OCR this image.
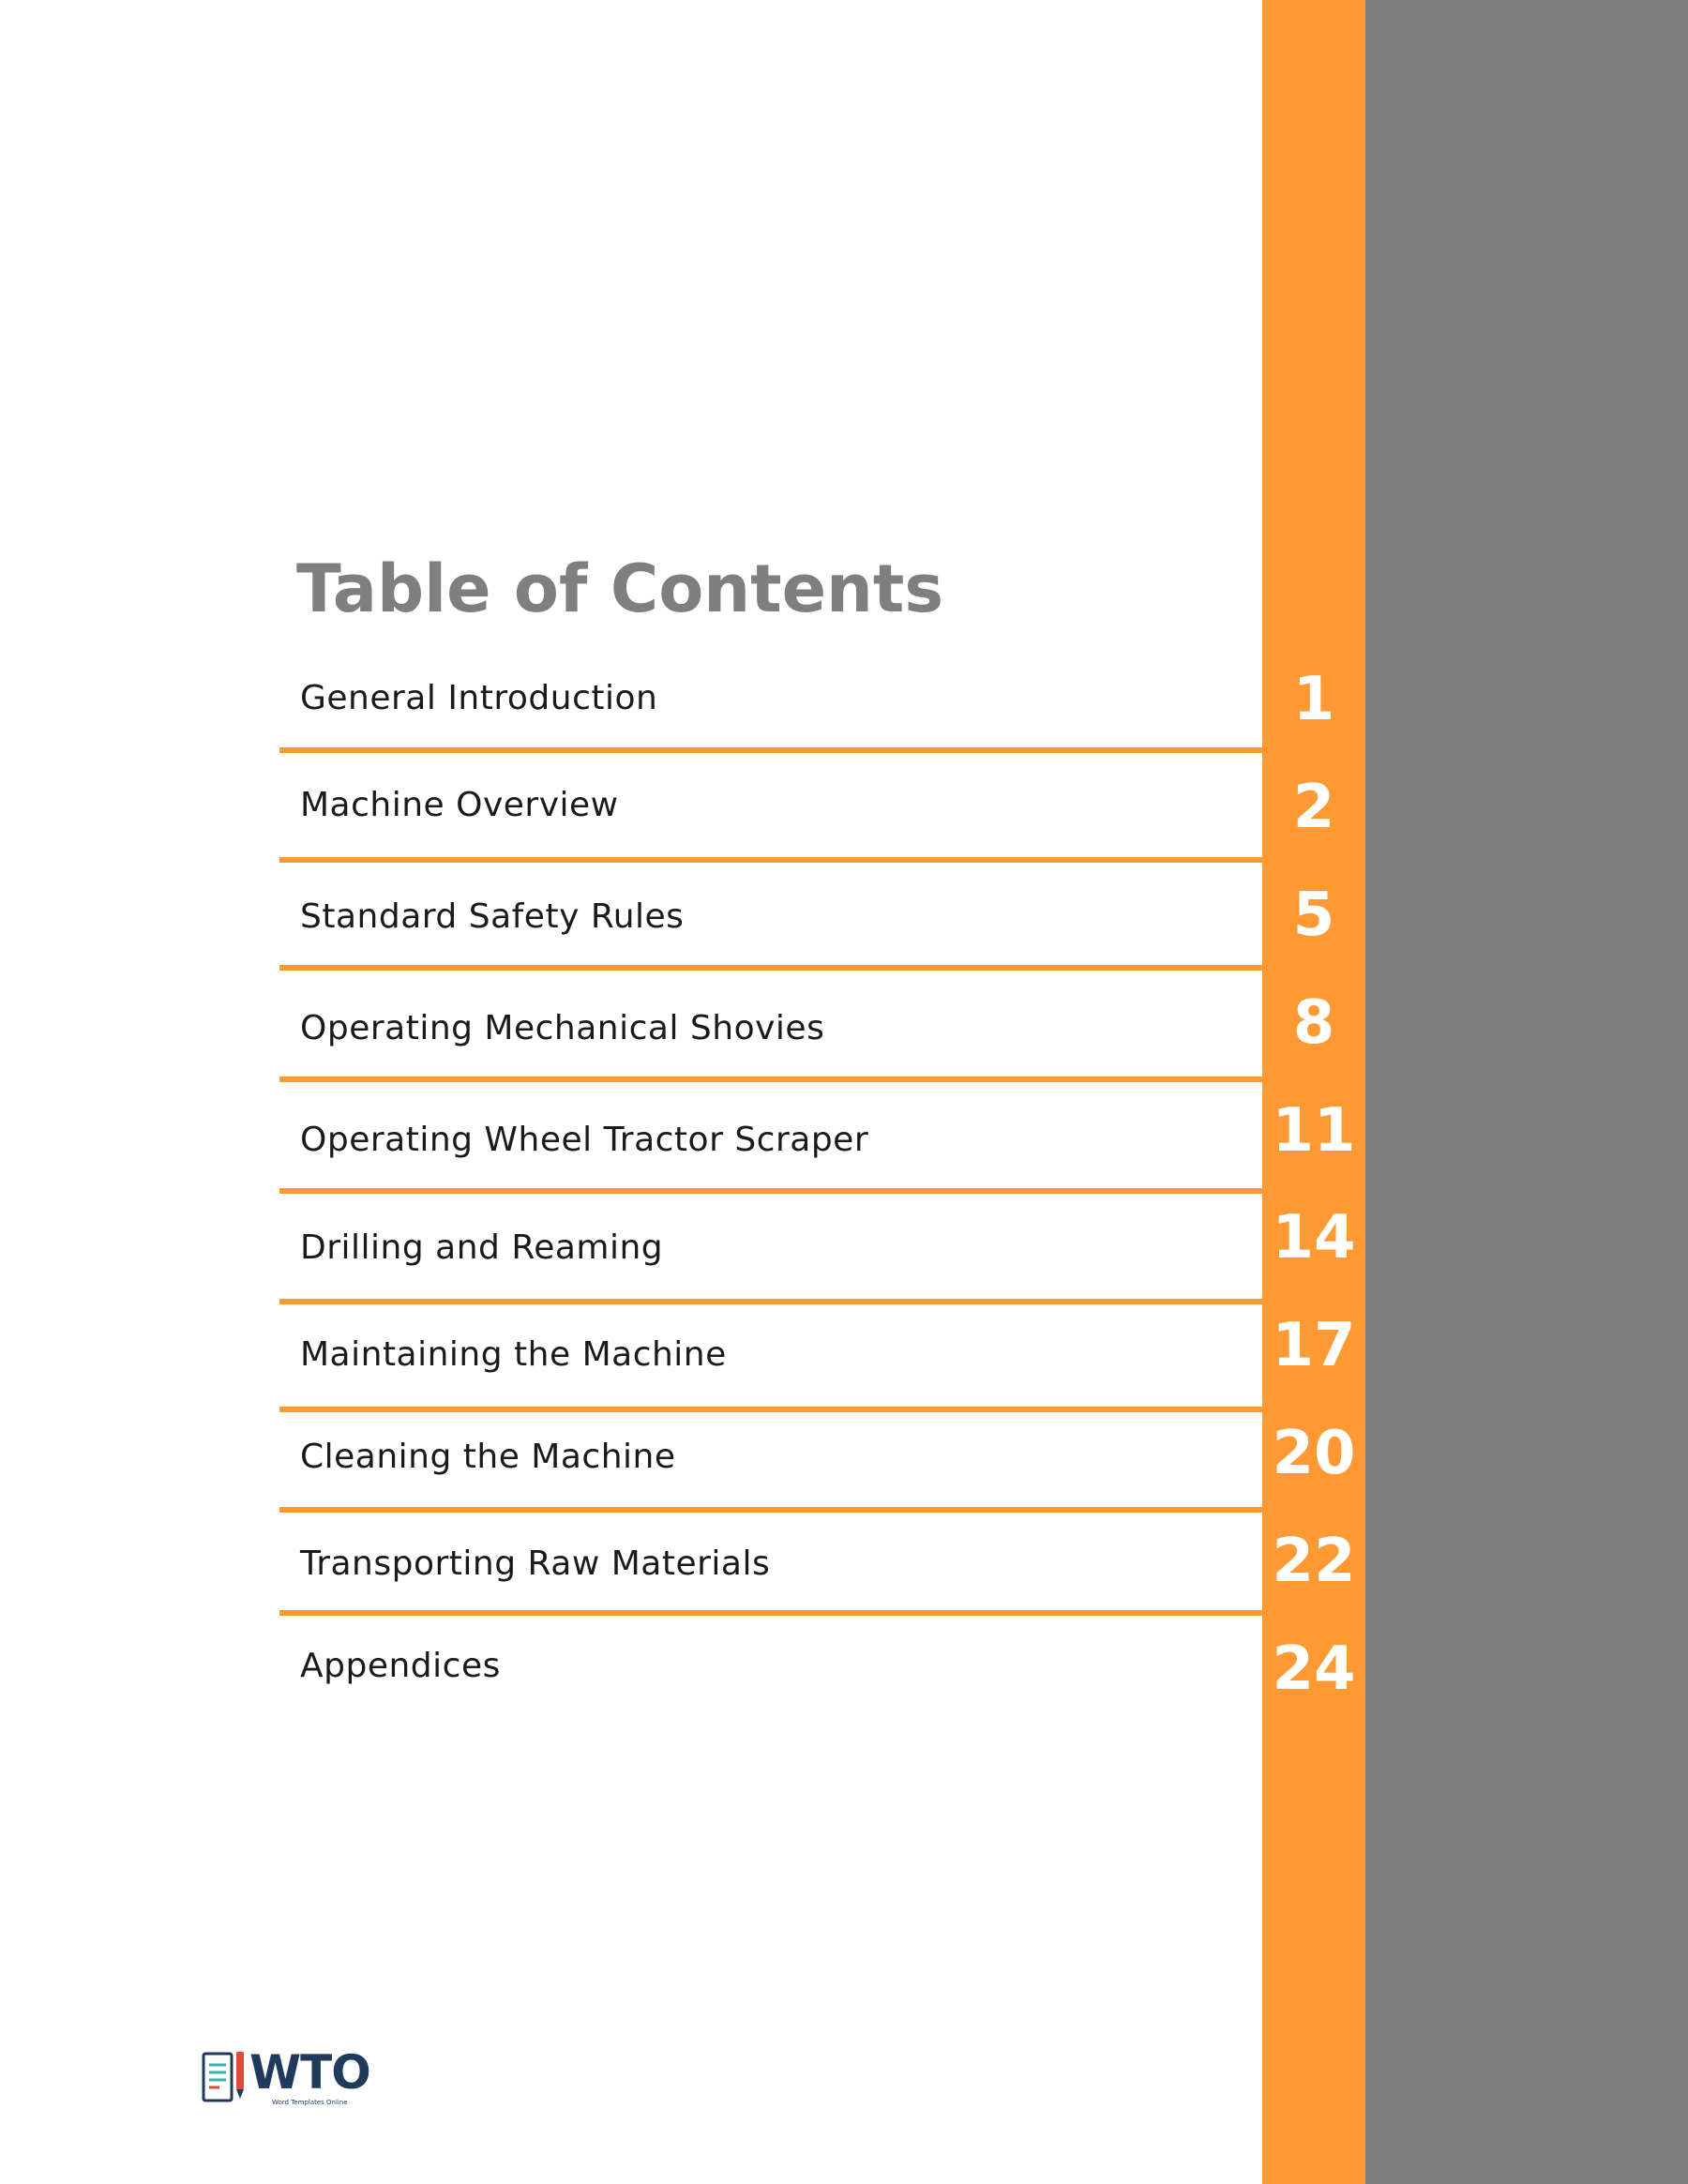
Table of Contents
General Introduction	1
Machine Overview	2
Standard Safety Rules	5
Operating Mechanical Shovies	8
Operating Wheel Tractor Scraper	11
Drilling and Reaming	14
Maintaining the Machine	17
Cleaning the Machine	20
Transporting Raw Materials	22
Appendices	24
WTO
Word Templates Online
